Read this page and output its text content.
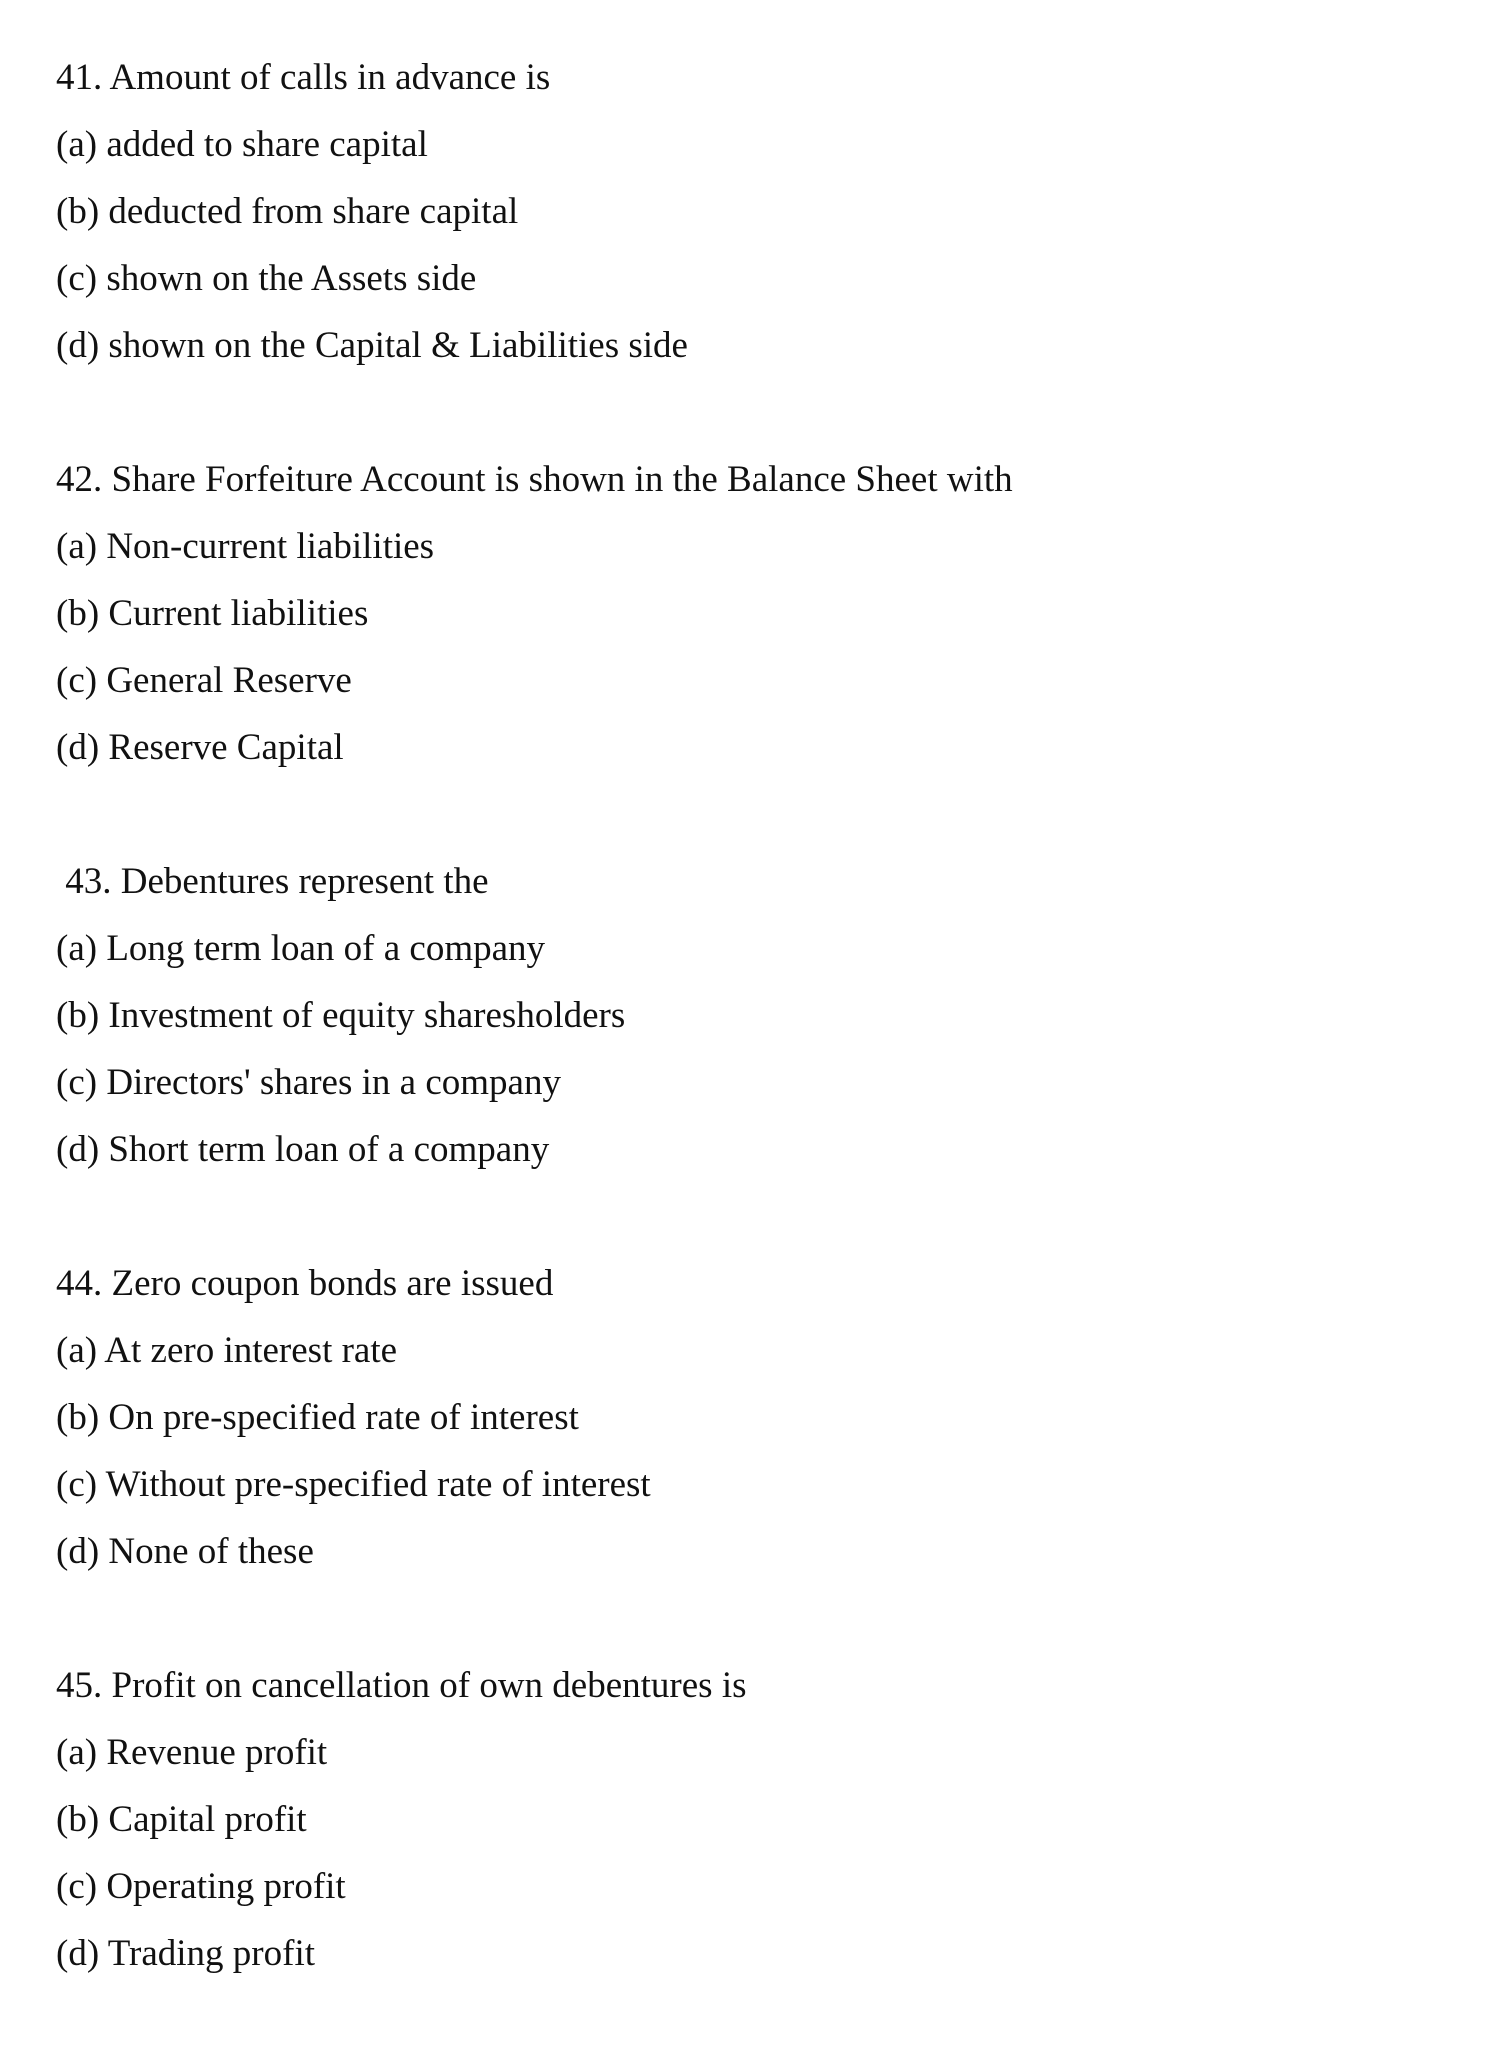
41. Amount of calls in advance is
(a) added to share capital
(b) deducted from share capital
(c) shown on the Assets side
(d) shown on the Capital & Liabilities side
42. Share Forfeiture Account is shown in the Balance Sheet with
(a) Non-current liabilities
(b) Current liabilities
(c) General Reserve
(d) Reserve Capital
43. Debentures represent the
(a) Long term loan of a company
(b) Investment of equity sharesholders
(c) Directors' shares in a company
(d) Short term loan of a company
44. Zero coupon bonds are issued
(a) At zero interest rate
(b) On pre-specified rate of interest
(c) Without pre-specified rate of interest
(d) None of these
45. Profit on cancellation of own debentures is
(a) Revenue profit
(b) Capital profit
(c) Operating profit
(d) Trading profit
